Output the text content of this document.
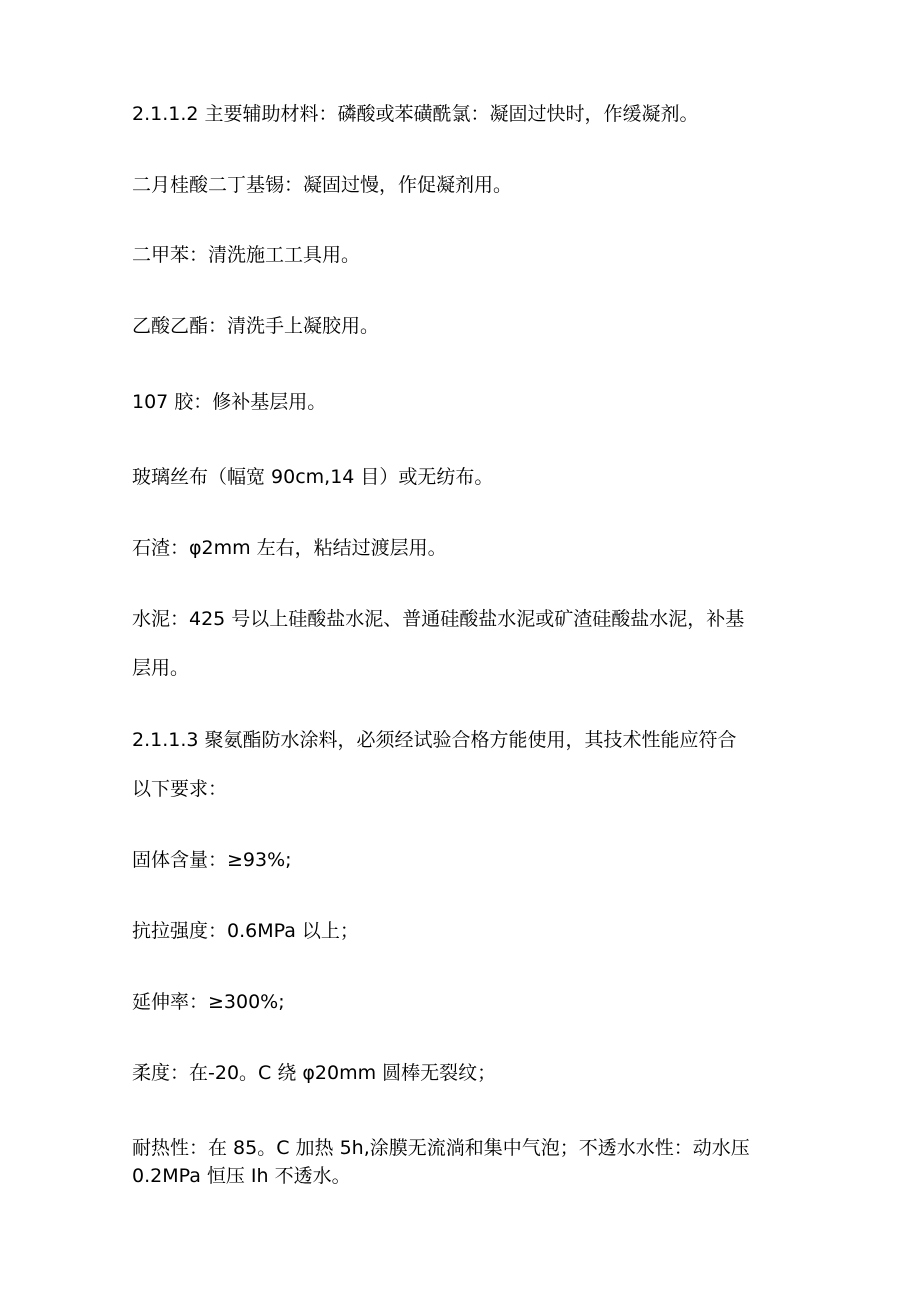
2.1.1.2 主要辅助材料：磷酸或苯磺酰氯：凝固过快时，作缓凝剂。
二月桂酸二丁基锡：凝固过慢，作促凝剂用。
二甲苯：清洗施工工具用。
乙酸乙酯：清洗手上凝胶用。
107 胶：修补基层用。
玻璃丝布（幅宽 90cm,14 目）或无纺布。
石渣：φ2mm 左右，粘结过渡层用。
水泥：425 号以上硅酸盐水泥、普通硅酸盐水泥或矿渣硅酸盐水泥，补基
层用。
2.1.1.3 聚氨酯防水涂料，必须经试验合格方能使用，其技术性能应符合
以下要求：
固体含量：≥93%;
抗拉强度：0.6MPa 以上；
延伸率：≥300%;
柔度：在-20。C 绕 φ20mm 圆棒无裂纹；
耐热性：在 85。C 加热 5h,涂膜无流淌和集中气泡；不透水水性：动水压
0.2MPa 恒压 Ih 不透水。
